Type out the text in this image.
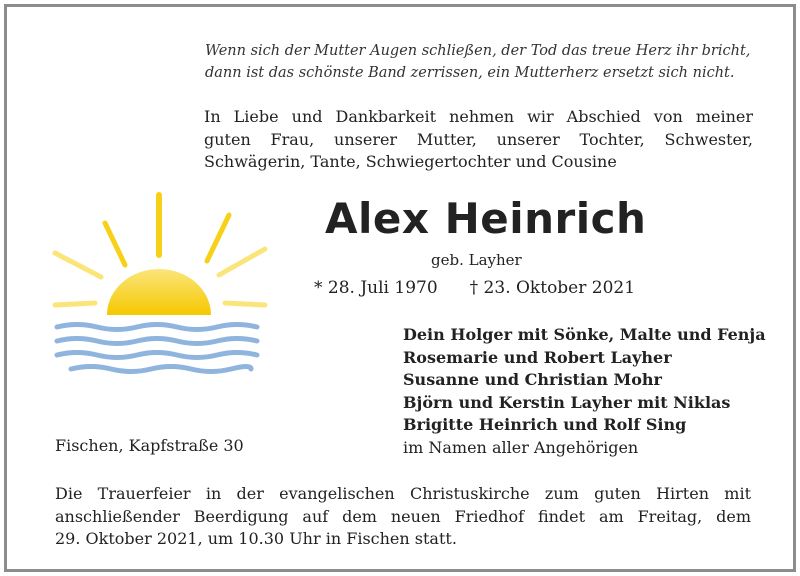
Wenn sich der Mutter Augen schließen, der Tod das treue Herz ihr bricht,
dann ist das schönste Band zerrissen, ein Mutterherz ersetzt sich nicht.
In Liebe und Dankbarkeit nehmen wir Abschied von meiner
guten Frau, unserer Mutter, unserer Tochter, Schwester,
Schwägerin, Tante, Schwiegertochter und Cousine
Alex Heinrich
geb. Layher
* 28. Juli 1970 † 23. Oktober 2021
Dein Holger mit Sönke, Malte und Fenja
Rosemarie und Robert Layher
Susanne und Christian Mohr
Björn und Kerstin Layher mit Niklas
Brigitte Heinrich und Rolf Sing
im Namen aller Angehörigen
Fischen, Kapfstraße 30
Die Trauerfeier in der evangelischen Christuskirche zum guten Hirten mit
anschließender Beerdigung auf dem neuen Friedhof findet am Freitag, dem
29. Oktober 2021, um 10.30 Uhr in Fischen statt.
